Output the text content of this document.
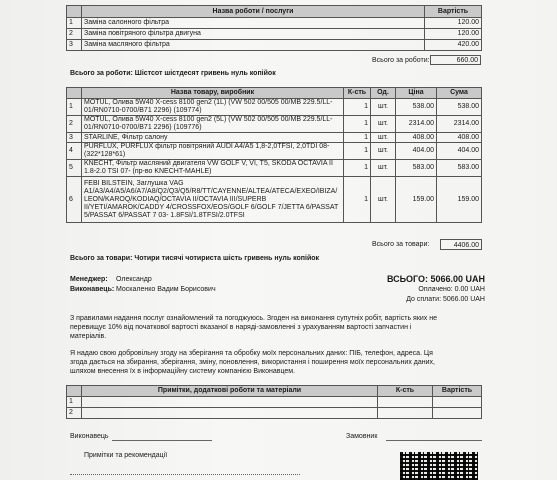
	Назва роботи / послуги	Вартість
1	Заміна салонного фільтра	120.00
2	Заміна повітряного фільтра двигуна	120.00
3	Заміна масляного фільтра	420.00
Всього за роботи:	660.00
Всього за роботи: Шістсот шістдесят гривень нуль копійок
	Назва товару, виробник	К-сть	Од.	Ціна	Сума
1	MOTUL, Олива 5W40 X-cess 8100 gen2 (1L) (VW 502 00/505 00/MB 229.5/LL-01/RN0710-0700/B71 2296) (109774)	1	шт.	538.00	538.00
2	MOTUL, Олива 5W40 X-cess 8100 gen2 (5L) (VW 502 00/505 00/MB 229.5/LL-01/RN0710-0700/B71 2296) (109776)	1	шт.	2314.00	2314.00
3	STARLINE, Фільтр салону	1	шт.	408.00	408.00
4	PURFLUX, PURFLUX фільтр повітряний AUDI A4/A5 1,8-2,0TFSI, 2,0TDI 08- (322*128*61)	1	шт.	404.00	404.00
5	KNECHT, Фільтр масляний двигателя VW GOLF V, VI, T5, SKODA OCTAVIA II 1.8-2.0 TSI 07- (пр-во KNECHT-MAHLE)	1	шт.	583.00	583.00
6	FEBI BILSTEIN, Заглушка VAG A1/A3/A4/A5/A6/A7/A8/Q2/Q3/Q5/R8/TT/CAYENNE/ALTEA/ATECA/EXEO/IBIZA/LEON/KAROQ/KODIAQ/OCTAVIA II/OCTAVIA III/SUPERB II/YETI/AMAROK/CADDY 4/CROSSFOX/EOS/GOLF 6/GOLF 7/JETTA 6/PASSAT 5/PASSAT 6/PASSAT 7 03- 1.8FSI/1.8TFSI/2.0TFSI	1	шт.	159.00	159.00
Всього за товари:	4406.00
Всього за товари: Чотири тисячі чотириста шість гривень нуль копійок
Менеджер: Олександр
Виконавець: Москаленко Вадим Борисович
ВСЬОГО: 5066.00 UAH
Оплачено: 0.00 UAH
До сплати: 5066.00 UAH
З правилами надання послуг ознайомлений та погоджуюсь. Згоден на виконання супутніх робіт, вартість яких не
перевищує 10% від початкової вартості вказаної в наряді-замовленні з урахуванням вартості запчастин і
матеріалів.
Я надаю свою добровільну згоду на зберігання та обробку моїх персональних даних: ПІБ, телефон, адреса. Ця
згода дається на збирання, зберігання, зміну, поновлення, використання і поширення моїх персональних даних,
шляхом внесення їх в інформаційну систему компанією Виконавцем.
	Примітки, додаткові роботи та матеріали	К-сть	Вартість
1			
2			
Виконавець	Замовник
Примітки та рекомендації
